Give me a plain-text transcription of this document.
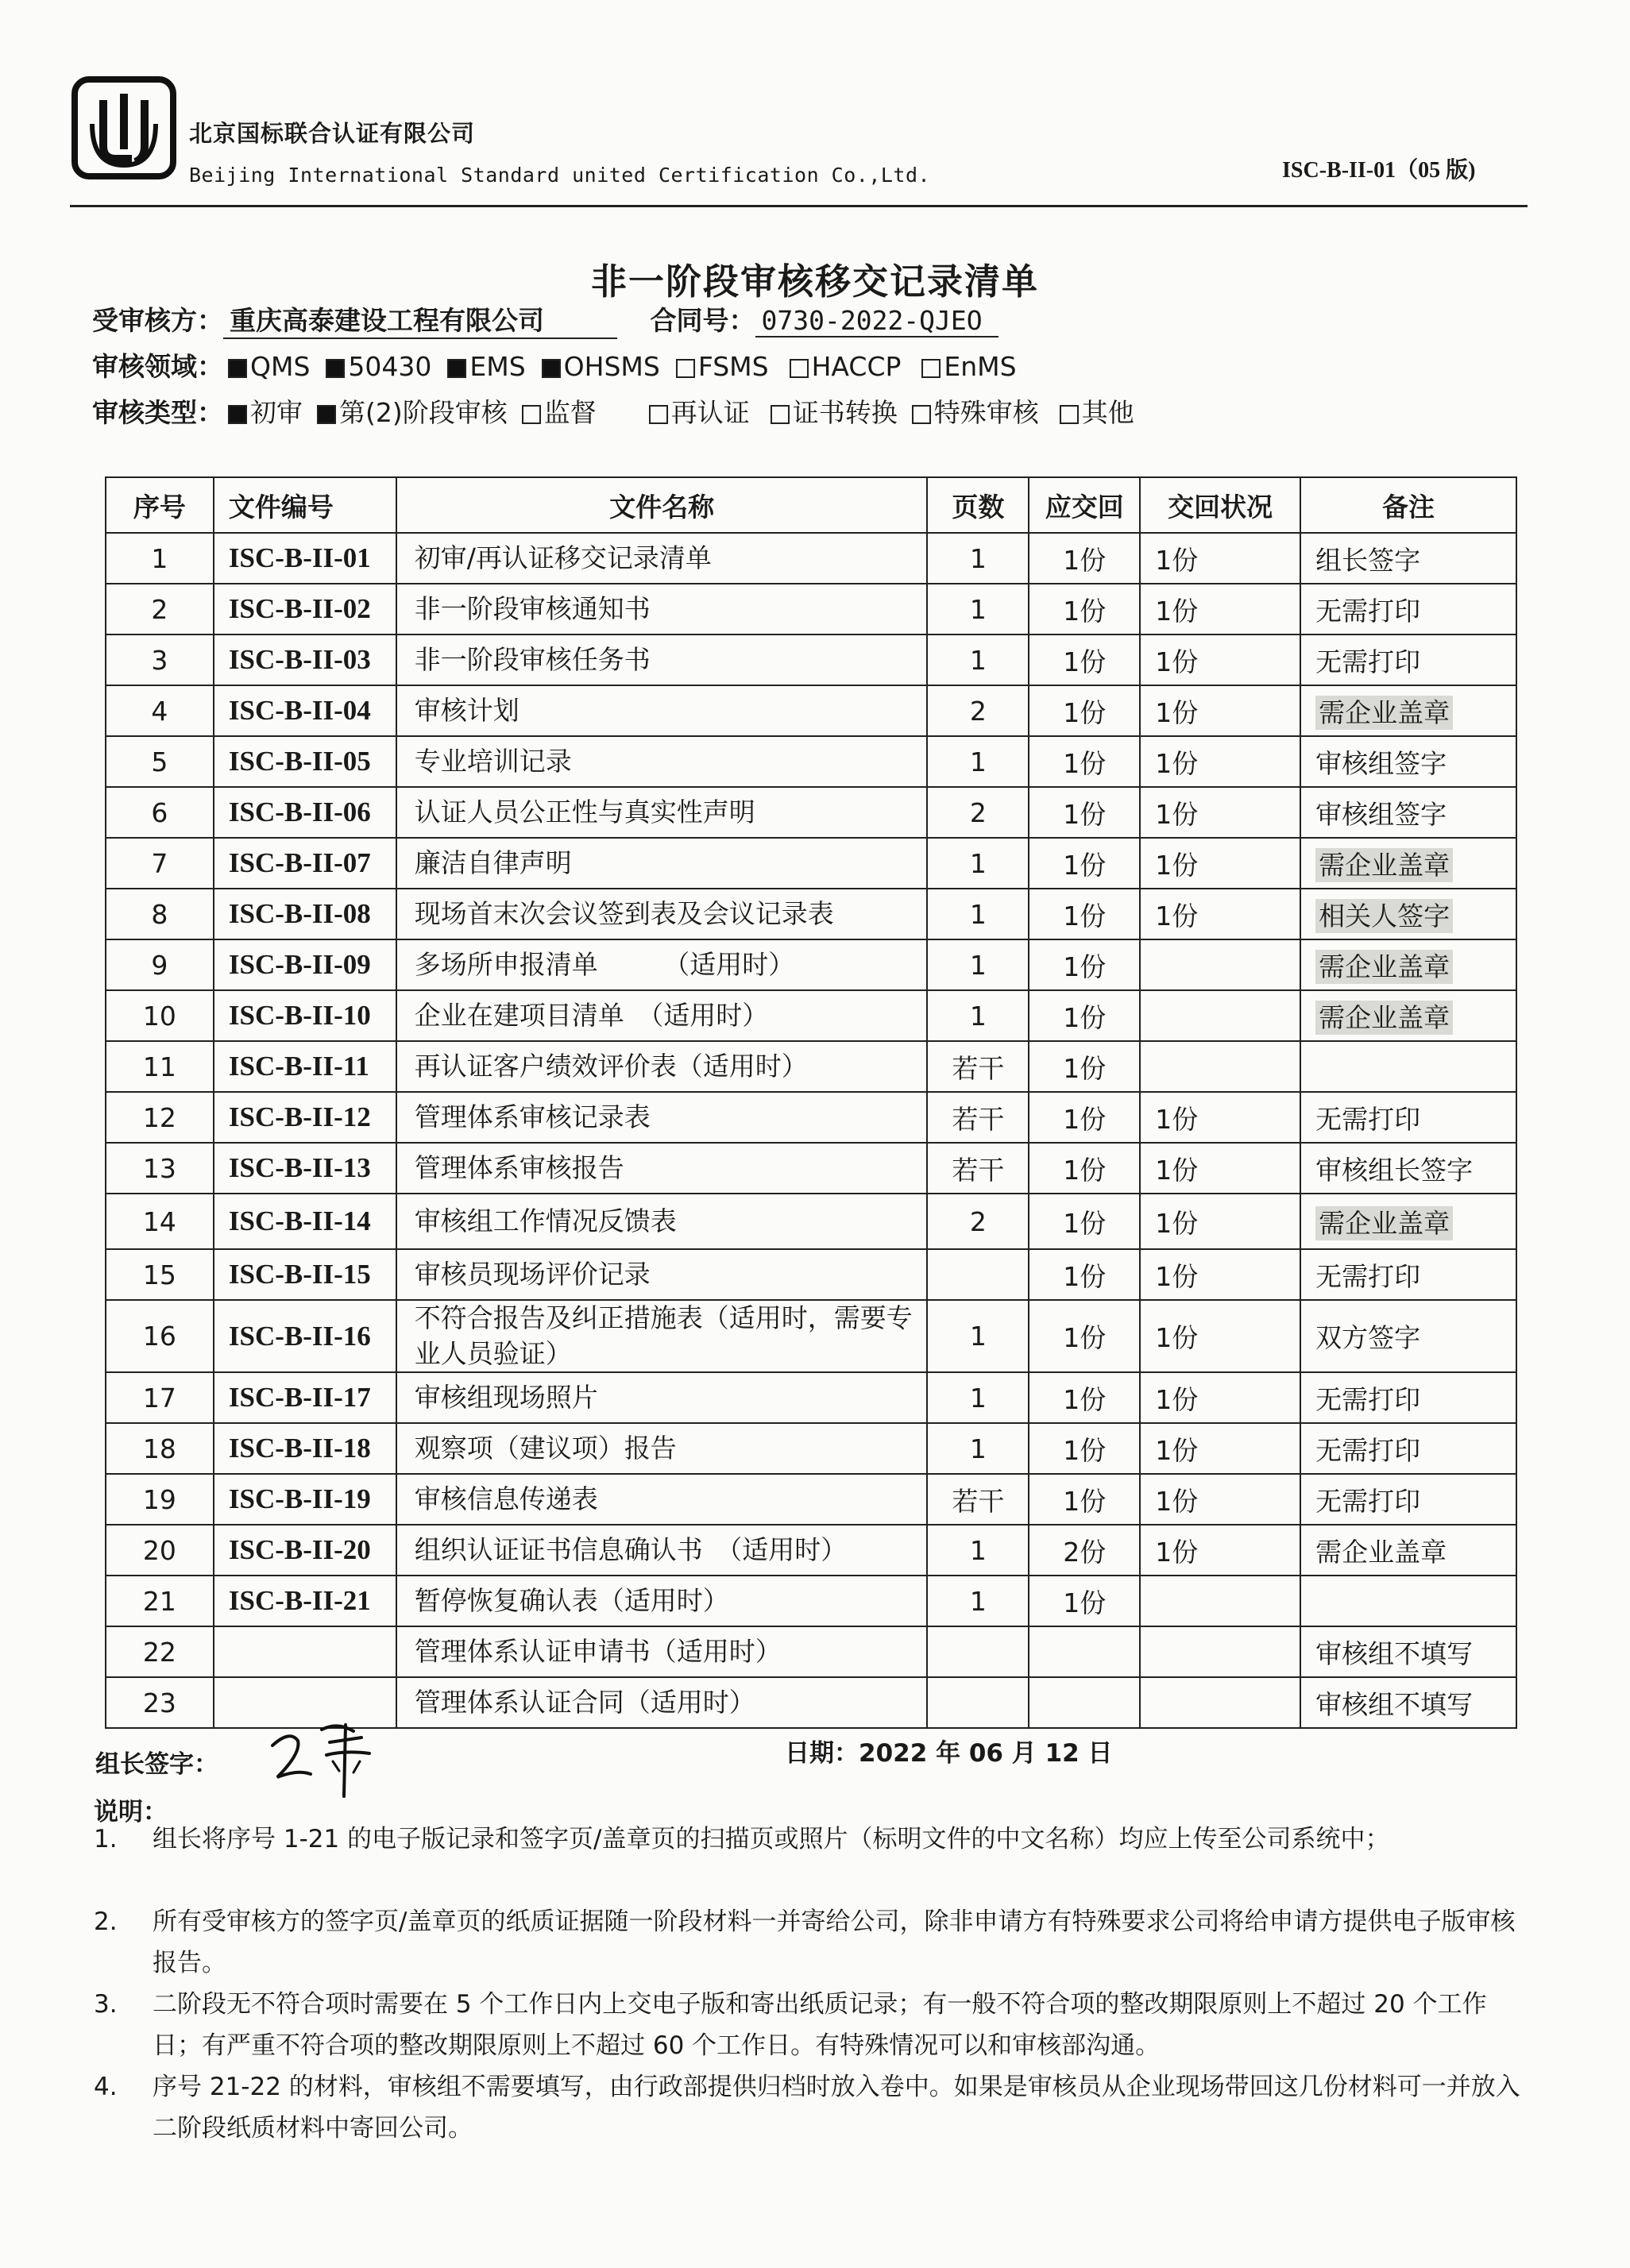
北京国标联合认证有限公司
Beijing International Standard united Certification Co.,Ltd.	ISC-B-II-01（05 版)
非一阶段审核移交记录清单
受审核方： 重庆高泰建设工程有限公司	合同号： 0730-2022-QJEO
审核领域： QMS 50430 EMS OHSMS FSMS HACCP EnMS
审核类型： 初审 第(2)阶段审核 监督	再认证 证书转换 特殊审核 其他
序号	文件编号	文件名称	页数	应交回	交回状况	备注
1	ISC-B-II-01	初审/再认证移交记录清单	1	1份	1份	组长签字
2	ISC-B-II-02	非一阶段审核通知书	1	1份	1份	无需打印
3	ISC-B-II-03	非一阶段审核任务书	1	1份	1份	无需打印
4	ISC-B-II-04	审核计划	2	1份	1份	需企业盖章
5	ISC-B-II-05	专业培训记录	1	1份	1份	审核组签字
6	ISC-B-II-06	认证人员公正性与真实性声明	2	1份	1份	审核组签字
7	ISC-B-II-07	廉洁自律声明	1	1份	1份	需企业盖章
8	ISC-B-II-08	现场首末次会议签到表及会议记录表	1	1份	1份	相关人签字
9	ISC-B-II-09	多场所申报清单　　　（适用时）	1	1份		需企业盖章
10	ISC-B-II-10	企业在建项目清单　（适用时）	1	1份		需企业盖章
11	ISC-B-II-11	再认证客户绩效评价表（适用时）	若干	1份		
12	ISC-B-II-12	管理体系审核记录表	若干	1份	1份	无需打印
13	ISC-B-II-13	管理体系审核报告	若干	1份	1份	审核组长签字
14	ISC-B-II-14	审核组工作情况反馈表	2	1份	1份	需企业盖章
15	ISC-B-II-15	审核员现场评价记录		1份	1份	无需打印
16	ISC-B-II-16	不符合报告及纠正措施表（适用时，需要专业人员验证）	1	1份	1份	双方签字
17	ISC-B-II-17	审核组现场照片	1	1份	1份	无需打印
18	ISC-B-II-18	观察项（建议项）报告	1	1份	1份	无需打印
19	ISC-B-II-19	审核信息传递表	若干	1份	1份	无需打印
20	ISC-B-II-20	组织认证证书信息确认书　（适用时）	1	2份	1份	需企业盖章
21	ISC-B-II-21	暂停恢复确认表（适用时）	1	1份		
22		管理体系认证申请书（适用时）				审核组不填写
23		管理体系认证合同（适用时）				审核组不填写
组长签字：	日期：2022 年 06 月 12 日
说明：
1. 组长将序号 1-21 的电子版记录和签字页/盖章页的扫描页或照片（标明文件的中文名称）均应上传至公司系统中；
2. 所有受审核方的签字页/盖章页的纸质证据随一阶段材料一并寄给公司，除非申请方有特殊要求公司将给申请方提供电子版审核报告。
3. 二阶段无不符合项时需要在 5 个工作日内上交电子版和寄出纸质记录；有一般不符合项的整改期限原则上不超过 20 个工作日；有严重不符合项的整改期限原则上不超过 60 个工作日。有特殊情况可以和审核部沟通。
4. 序号 21-22 的材料，审核组不需要填写，由行政部提供归档时放入卷中。如果是审核员从企业现场带回这几份材料可一并放入二阶段纸质材料中寄回公司。
